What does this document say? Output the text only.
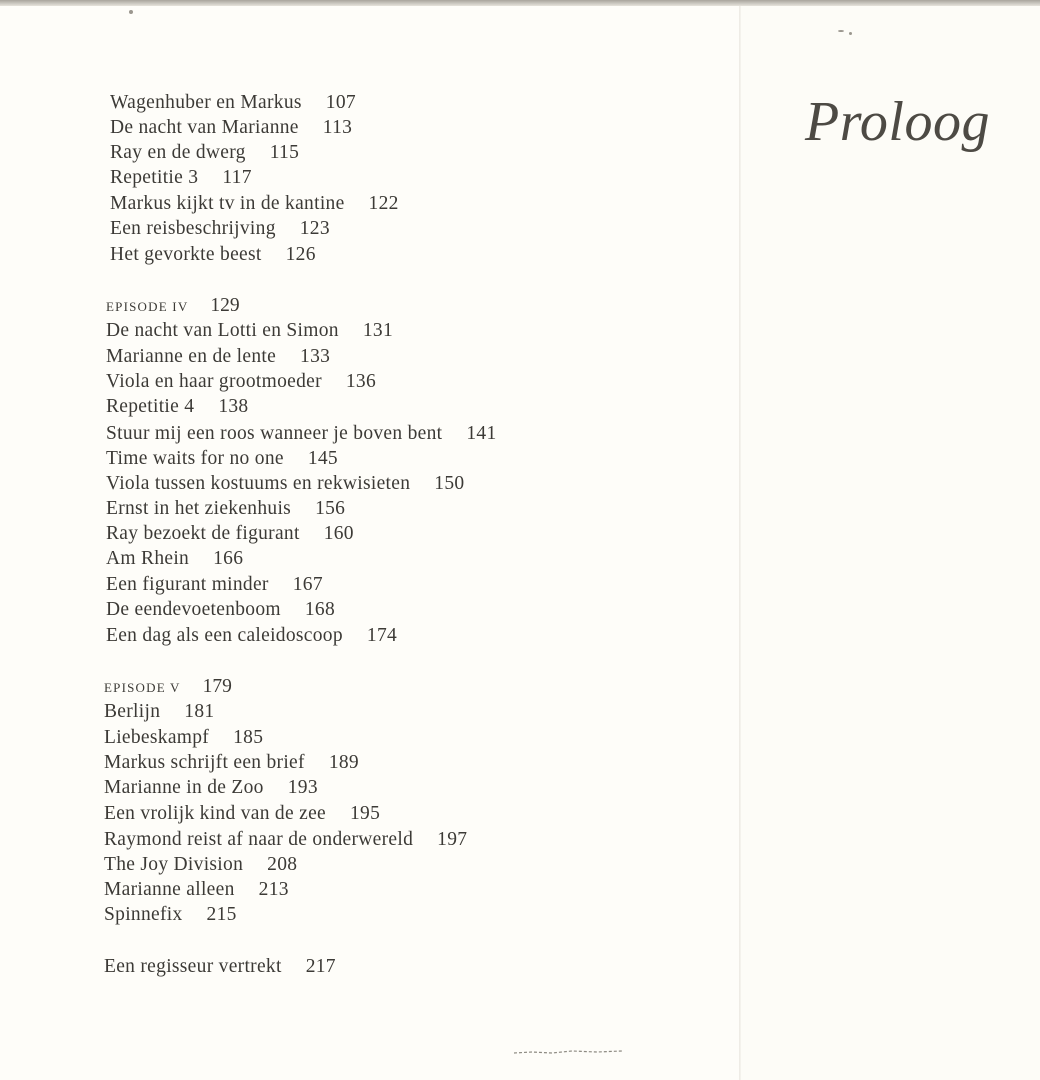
Wagenhuber en Markus 107
De nacht van Marianne 113
Ray en de dwerg 115
Repetitie 3 117
Markus kijkt tv in de kantine 122
Een reisbeschrijving 123
Het gevorkte beest 126
EPISODE IV 129
De nacht van Lotti en Simon 131
Marianne en de lente 133
Viola en haar grootmoeder 136
Repetitie 4 138
Stuur mij een roos wanneer je boven bent 141
Time waits for no one 145
Viola tussen kostuums en rekwisieten 150
Ernst in het ziekenhuis 156
Ray bezoekt de figurant 160
Am Rhein 166
Een figurant minder 167
De eendevoetenboom 168
Een dag als een caleidoscoop 174
EPISODE V 179
Berlijn 181
Liebeskampf 185
Markus schrijft een brief 189
Marianne in de Zoo 193
Een vrolijk kind van de zee 195
Raymond reist af naar de onderwereld 197
The Joy Division 208
Marianne alleen 213
Spinnefix 215
Een regisseur vertrekt 217
Proloog
